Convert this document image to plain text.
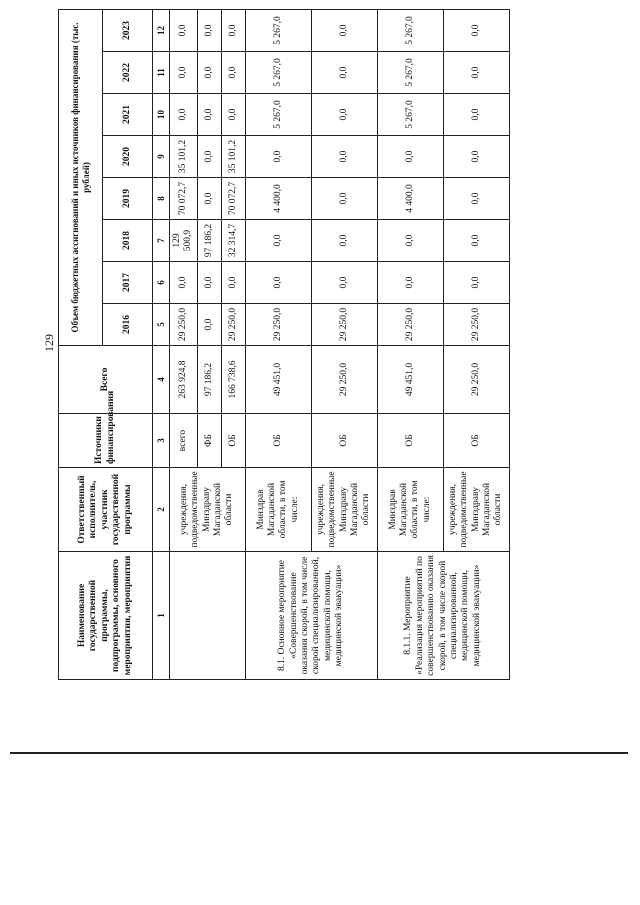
129
Наименование государственной программы, подпрограммы, основного мероприятия, мероприятия	Ответственный исполнитель, участник государственной программы	Источники финансирования	Всего	Объем бюджетных ассигнований и иных источников финансирования (тыс. рублей)							
				2016	2017	2018	2019	2020	2021	2022	2023
1	2	3	4	5	6	7	8	9	10	11	12
	учреждения, подведомственные Минздраву Магаданской области	всего	263 924,8	29 250,0	0,0	129 500,9	70 072,7	35 101,2	0,0	0,0	0,0
		ФБ	97 186,2	0,0	0,0	97 186,2	0,0	0,0	0,0	0,0	0,0
		ОБ	166 738,6	29 250,0	0,0	32 314,7	70 072,7	35 101,2	0,0	0,0	0,0
8.1. Основное мероприятие «Совершенствование оказания скорой, в том числе скорой специализированной, медицинской помощи, медицинской эвакуации»	Минздрав Магаданской области, в том числе:	ОБ	49 451,0	29 250,0	0,0	0,0	4 400,0	0,0	5 267,0	5 267,0	5 267,0
	учреждения, подведомственные Минздраву Магаданской области	ОБ	29 250,0	29 250,0	0,0	0,0	0,0	0,0	0,0	0,0	0,0
8.1.1. Мероприятие «Реализация мероприятий по совершенствованию оказания скорой, в том числе скорой специализированной, медицинской помощи, медицинской эвакуации»	Минздрав Магаданской области, в том числе:	ОБ	49 451,0	29 250,0	0,0	0,0	4 400,0	0,0	5 267,0	5 267,0	5 267,0
	учреждения, подведомственные Минздраву Магаданской области	ОБ	29 250,0	29 250,0	0,0	0,0	0,0	0,0	0,0	0,0	0,0
